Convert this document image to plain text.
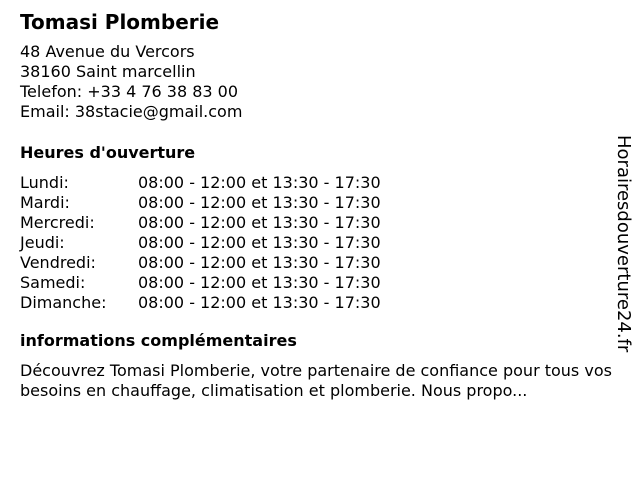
Tomasi Plomberie
48 Avenue du Vercors
38160 Saint marcellin
Telefon: +33 4 76 38 83 00
Email: 38stacie@gmail.com
Heures d'ouverture
Lundi:	08:00 - 12:00 et 13:30 - 17:30
Mardi:	08:00 - 12:00 et 13:30 - 17:30
Mercredi:	08:00 - 12:00 et 13:30 - 17:30
Jeudi:	08:00 - 12:00 et 13:30 - 17:30
Vendredi:	08:00 - 12:00 et 13:30 - 17:30
Samedi:	08:00 - 12:00 et 13:30 - 17:30
Dimanche:	08:00 - 12:00 et 13:30 - 17:30
informations complémentaires
Découvrez Tomasi Plomberie, votre partenaire de confiance pour tous vos besoins en chauffage, climatisation et plomberie. Nous propo...
Horairesdouverture24.fr
